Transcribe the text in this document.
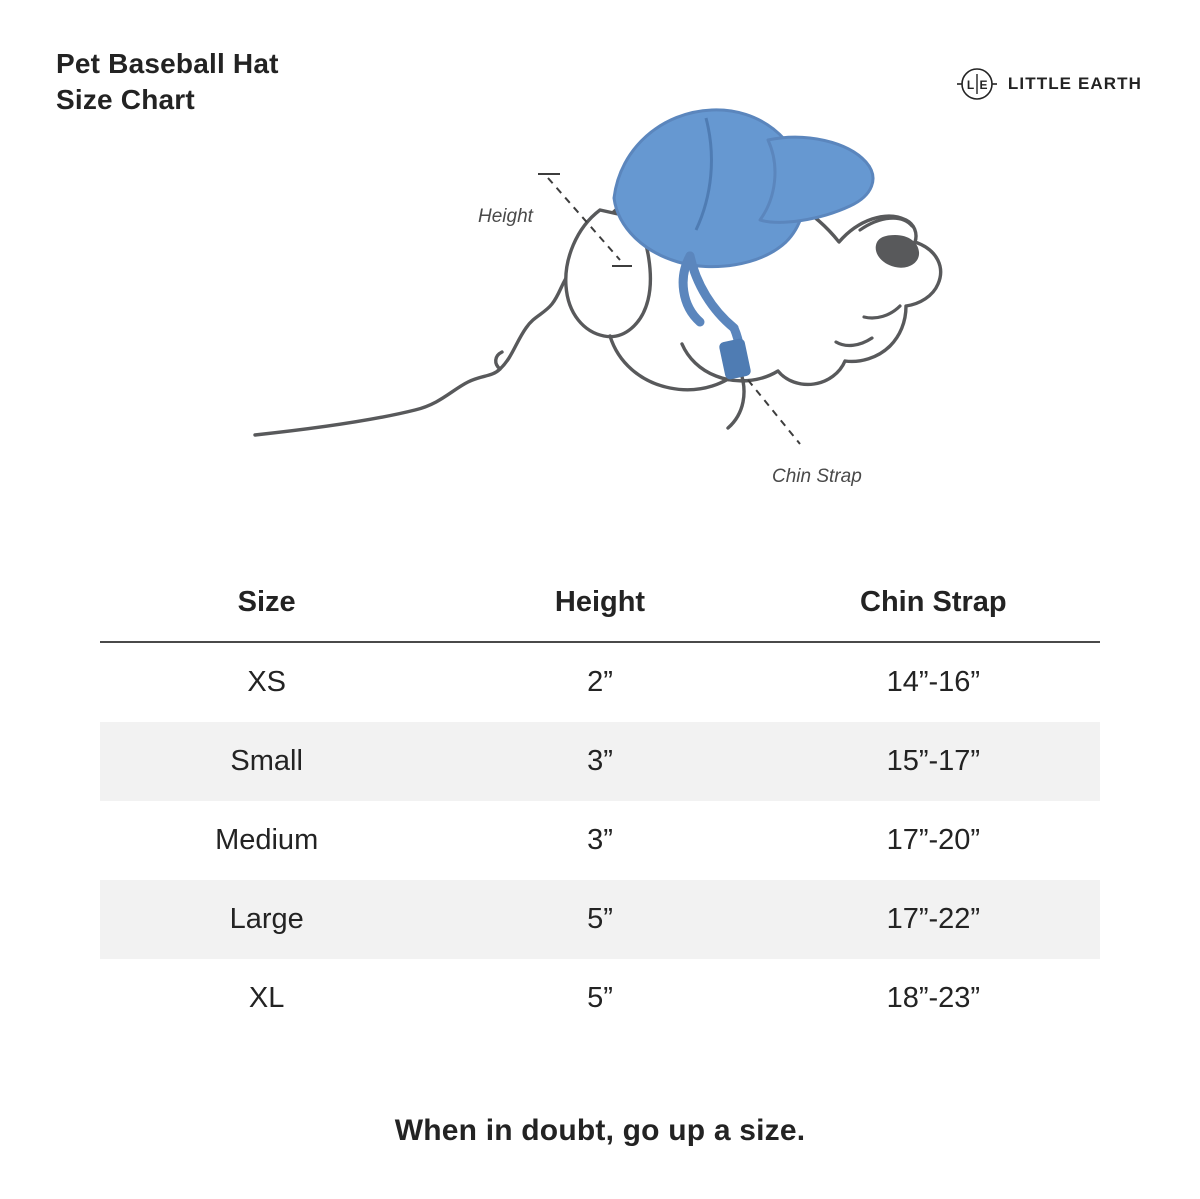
Pet Baseball Hat
Size Chart	L E LITTLE EARTH
Height
Chin Strap
Size	Height	Chin Strap
XS	2”	14”-16”
Small	3”	15”-17”
Medium	3”	17”-20”
Large	5”	17”-22”
XL	5”	18”-23”
When in doubt, go up a size.
